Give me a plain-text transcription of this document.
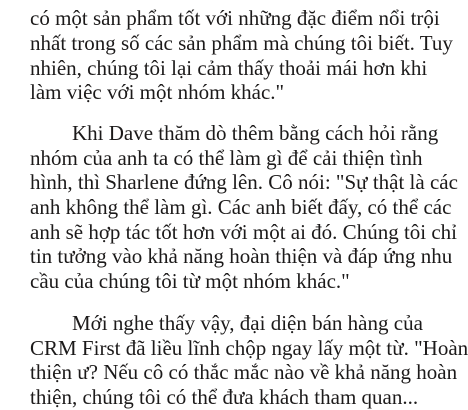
có một sản phẩm tốt với những đặc điểm nổi trội
nhất trong số các sản phẩm mà chúng tôi biết. Tuy
nhiên, chúng tôi lại cảm thấy thoải mái hơn khi
làm việc với một nhóm khác."
Khi Dave thăm dò thêm bằng cách hỏi rằng
nhóm của anh ta có thể làm gì để cải thiện tình
hình, thì Sharlene đứng lên. Cô nói: "Sự thật là các
anh không thể làm gì. Các anh biết đấy, có thể các
anh sẽ hợp tác tốt hơn với một ai đó. Chúng tôi chỉ
tin tưởng vào khả năng hoàn thiện và đáp ứng nhu
cầu của chúng tôi từ một nhóm khác."
Mới nghe thấy vậy, đại diện bán hàng của
CRM First đã liều lĩnh chộp ngay lấy một từ. "Hoàn
thiện ư? Nếu cô có thắc mắc nào về khả năng hoàn
thiện, chúng tôi có thể đưa khách tham quan...
